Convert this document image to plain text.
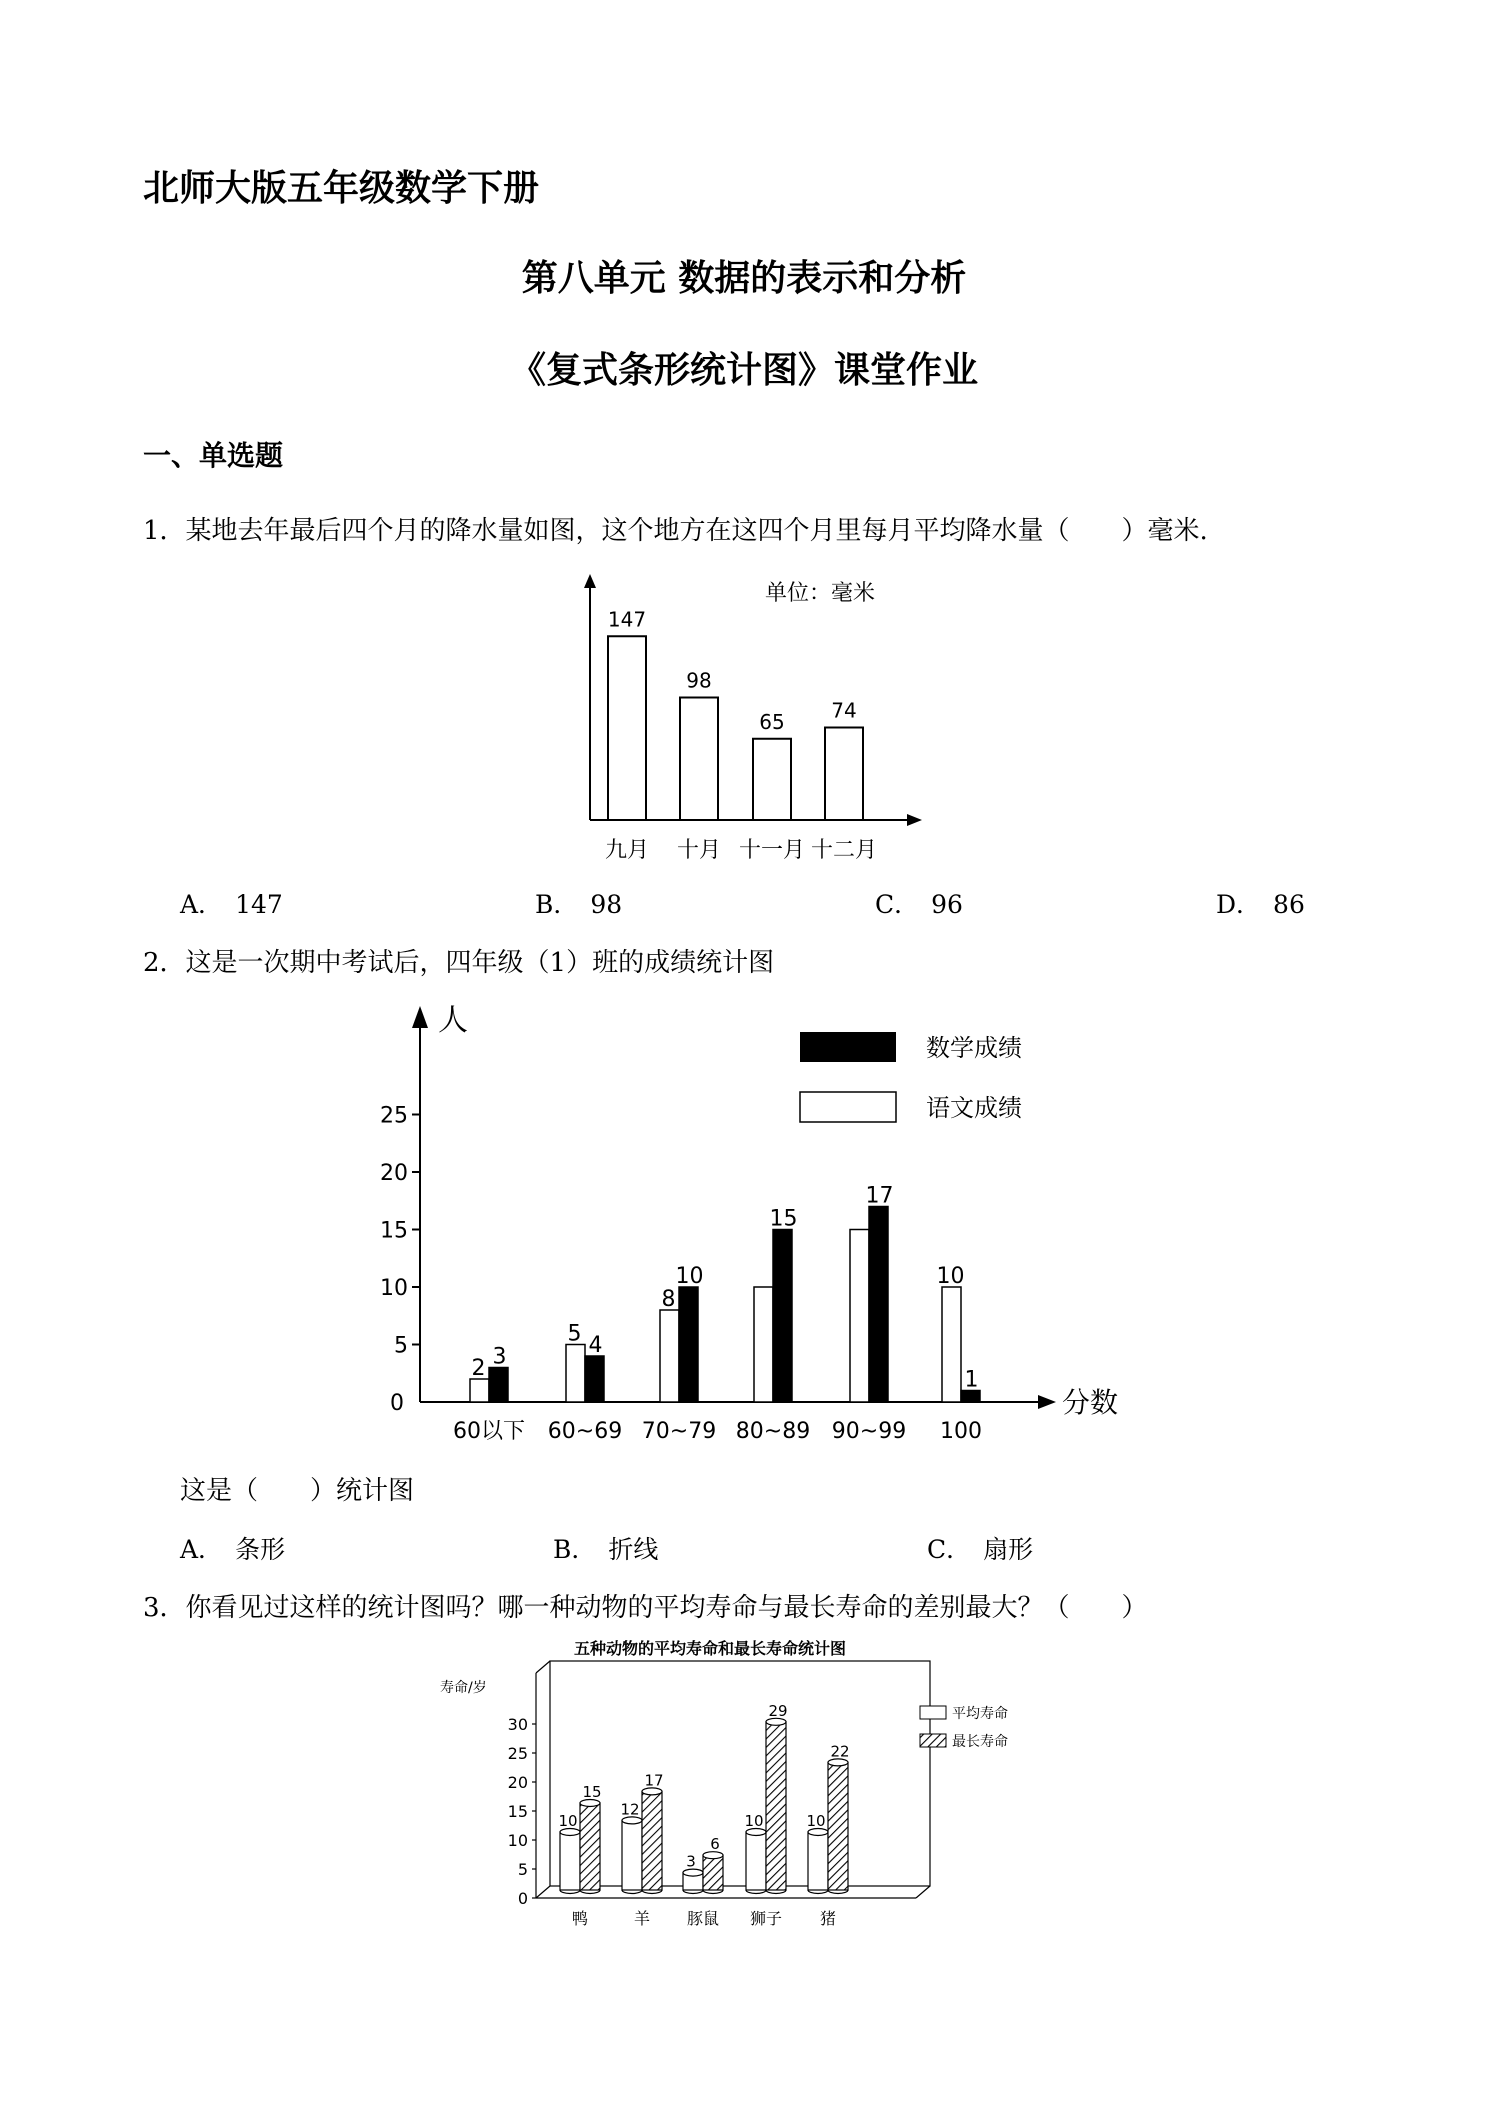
北师大版五年级数学下册
第八单元 数据的表示和分析
《复式条形统计图》课堂作业
一、单选题
1．某地去年最后四个月的降水量如图，这个地方在这四个月里每月平均降水量（　　）毫米.
单位：毫米
147
九月
98
十月
65
十一月
74
十二月
A． 147	B． 98	C． 96	D． 86
2．这是一次期中考试后，四年级（1）班的成绩统计图
人
分数
0
5
10
15
20
25
2 3
60以下
5 4
60~69
8
10
70~79
15
80~89
17
90~99
10
1
100
数学成绩
语文成绩
这是（　　）统计图
A． 条形	B． 折线	C． 扇形
3．你看见过这样的统计图吗？哪一种动物的平均寿命与最长寿命的差别最大？（　　）
五种动物的平均寿命和最长寿命统计图
寿命/岁
0
5
10
15
20
25
30
10
15
鸭
12
17
羊
3
6
豚鼠
10
29
狮子
10
22
猪
平均寿命
最长寿命
